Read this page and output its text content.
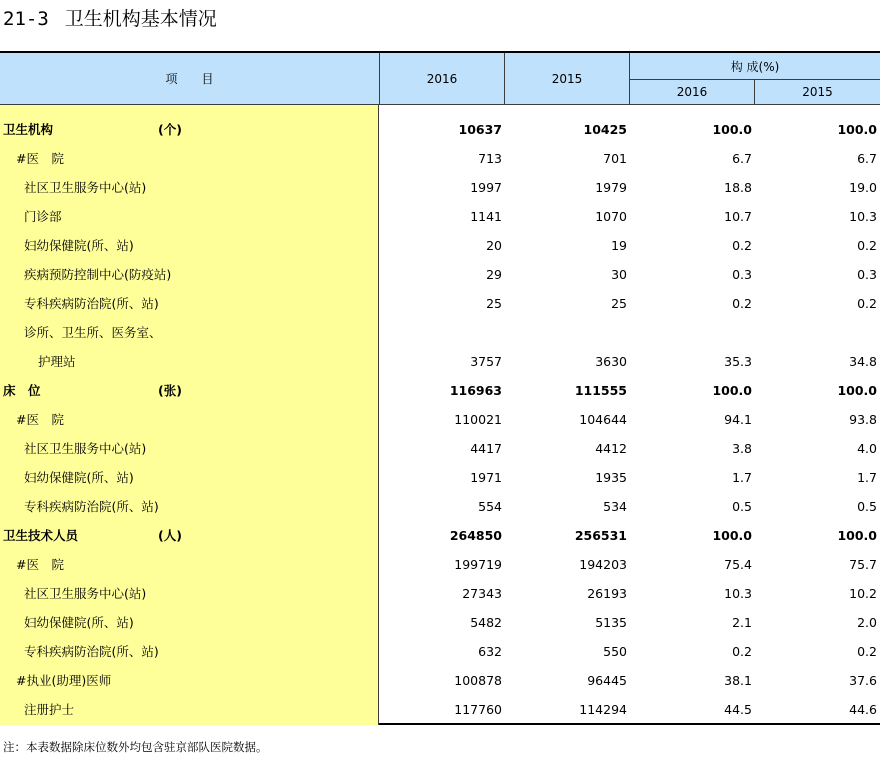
21-3 卫生机构基本情况
项　　目	2016	2015
构 成(%)
2016	2015
卫生机构	(个)	10637	10425	100.0	100.0
#医　院	713	701	6.7	6.7
社区卫生服务中心(站)	1997	1979	18.8	19.0
门诊部	1141	1070	10.7	10.3
妇幼保健院(所、站)	20	19	0.2	0.2
疾病预防控制中心(防疫站)	29	30	0.3	0.3
专科疾病防治院(所、站)	25	25	0.2	0.2
诊所、卫生所、医务室、
护理站	3757	3630	35.3	34.8
床　位	(张)	116963	111555	100.0	100.0
#医　院	110021	104644	94.1	93.8
社区卫生服务中心(站)	4417	4412	3.8	4.0
妇幼保健院(所、站)	1971	1935	1.7	1.7
专科疾病防治院(所、站)	554	534	0.5	0.5
卫生技术人员	(人)	264850	256531	100.0	100.0
#医　院	199719	194203	75.4	75.7
社区卫生服务中心(站)	27343	26193	10.3	10.2
妇幼保健院(所、站)	5482	5135	2.1	2.0
专科疾病防治院(所、站)	632	550	0.2	0.2
#执业(助理)医师	100878	96445	38.1	37.6
注册护士	117760	114294	44.5	44.6
注：本表数据除床位数外均包含驻京部队医院数据。
